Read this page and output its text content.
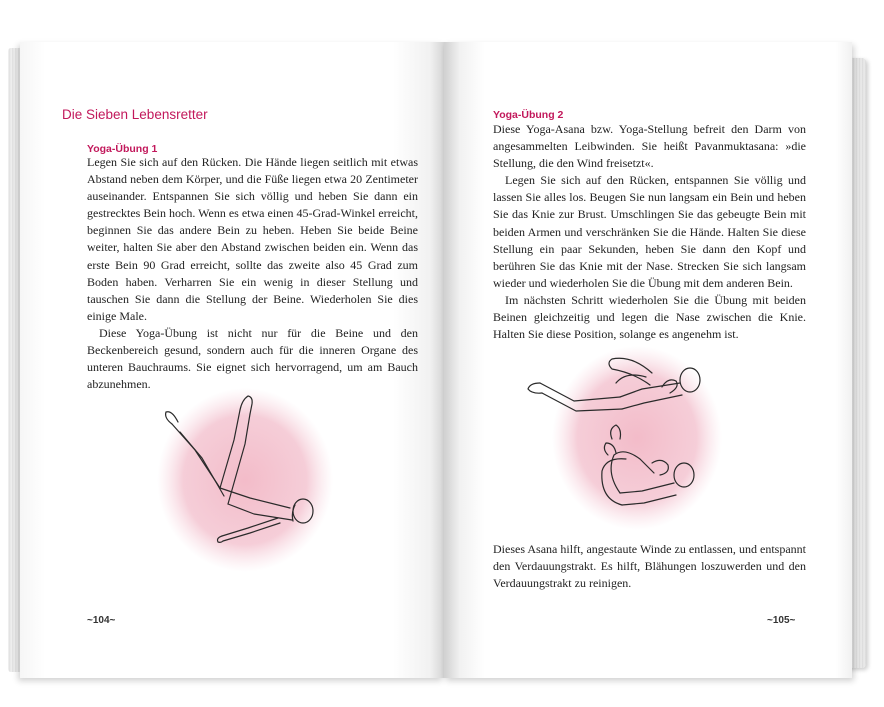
Die Sieben Lebensretter
Yoga-Übung 1

Legen Sie sich auf den Rücken. Die Hände liegen seitlich mit etwas Abstand neben dem Körper, und die Füße liegen etwa 20 Zentimeter auseinander. Entspannen Sie sich völlig und heben Sie dann ein gestrecktes Bein hoch. Wenn es etwa einen 45-Grad-Winkel erreicht, beginnen Sie das andere Bein zu heben. Heben Sie beide Beine weiter, halten Sie aber den Abstand zwischen beiden ein. Wenn das erste Bein 90 Grad erreicht, sollte das zweite also 45 Grad zum Boden haben. Verharren Sie ein wenig in dieser Stellung und tauschen Sie dann die Stellung der Beine. Wiederholen Sie dies einige Male.

Diese Yoga-Übung ist nicht nur für die Beine und den Beckenbereich gesund, sondern auch für die inneren Organe des unteren Bauchraums. Sie eignet sich hervorragend, um am Bauch abzunehmen.

~104~
Yoga-Übung 2

Diese Yoga-Asana bzw. Yoga-Stellung befreit den Darm von angesammelten Leibwinden. Sie heißt Pavanmuktasana: »die Stellung, die den Wind freisetzt«.

Legen Sie sich auf den Rücken, entspannen Sie völlig und lassen Sie alles los. Beugen Sie nun langsam ein Bein und heben Sie das Knie zur Brust. Umschlingen Sie das gebeugte Bein mit beiden Armen und verschränken Sie die Hände. Halten Sie diese Stellung ein paar Sekunden, heben Sie dann den Kopf und berühren Sie das Knie mit der Nase. Strecken Sie sich langsam wieder und wiederholen Sie die Übung mit dem anderen Bein.

Im nächsten Schritt wiederholen Sie die Übung mit beiden Beinen gleichzeitig und legen die Nase zwischen die Knie. Halten Sie diese Position, solange es angenehm ist.

Dieses Asana hilft, angestaute Winde zu entlassen, und entspannt den Verdauungstrakt. Es hilft, Blähungen loszuwerden und den Verdauungstrakt zu reinigen.

~105~
